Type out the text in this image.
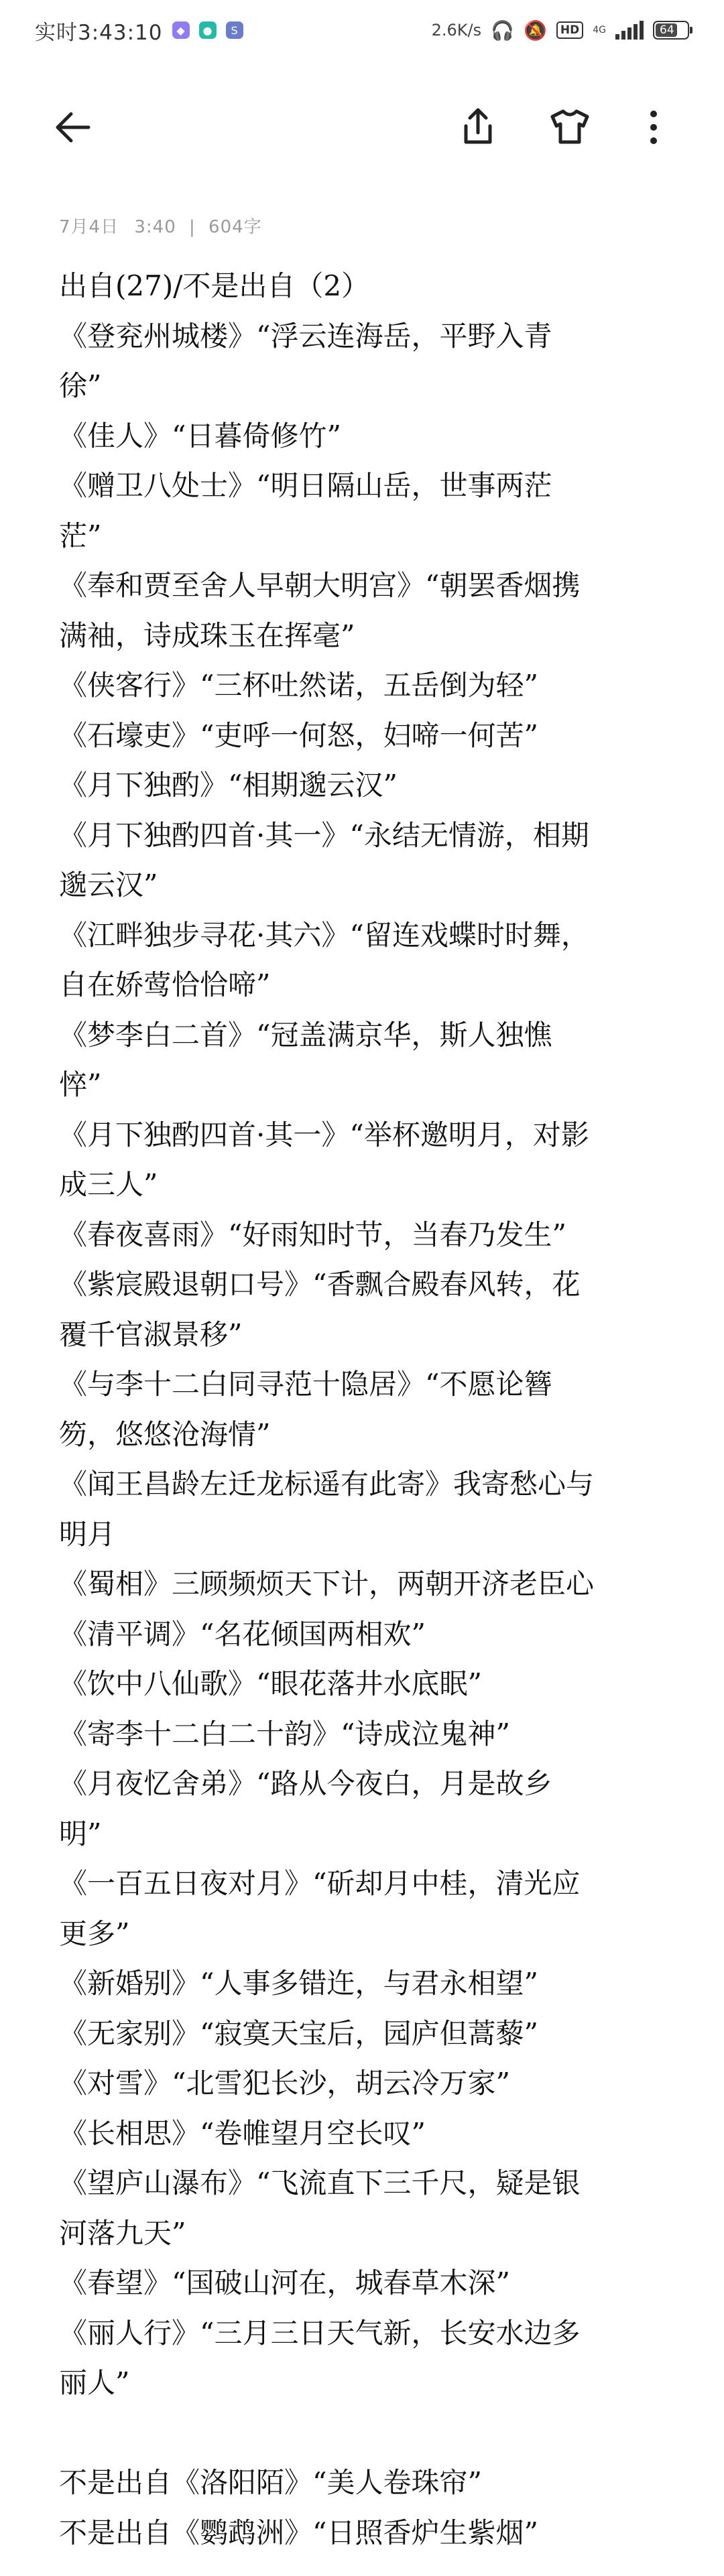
实时3:43:10	◆	●	S	2.6K/s 🎧 🔕	HD	4G	64
7月4日 3:40 | 604字
出自(27)/不是出自（2）
《登兖州城楼》“浮云连海岳，平野入青
徐”
《佳人》“日暮倚修竹”
《赠卫八处士》“明日隔山岳，世事两茫
茫”
《奉和贾至舍人早朝大明宫》“朝罢香烟携
满袖，诗成珠玉在挥毫”
《侠客行》“三杯吐然诺，五岳倒为轻”
《石壕吏》“吏呼一何怒，妇啼一何苦”
《月下独酌》“相期邈云汉”
《月下独酌四首·其一》“永结无情游，相期
邈云汉”
《江畔独步寻花·其六》“留连戏蝶时时舞，
自在娇莺恰恰啼”
《梦李白二首》“冠盖满京华，斯人独憔
悴”
《月下独酌四首·其一》“举杯邀明月，对影
成三人”
《春夜喜雨》“好雨知时节，当春乃发生”
《紫宸殿退朝口号》“香飘合殿春风转，花
覆千官淑景移”
《与李十二白同寻范十隐居》“不愿论簪
笏，悠悠沧海情”
《闻王昌龄左迁龙标遥有此寄》我寄愁心与
明月
《蜀相》三顾频烦天下计，两朝开济老臣心
《清平调》“名花倾国两相欢”
《饮中八仙歌》“眼花落井水底眠”
《寄李十二白二十韵》“诗成泣鬼神”
《月夜忆舍弟》“路从今夜白，月是故乡
明”
《一百五日夜对月》“斫却月中桂，清光应
更多”
《新婚别》“人事多错迕，与君永相望”
《无家别》“寂寞天宝后，园庐但蒿藜”
《对雪》“北雪犯长沙，胡云冷万家”
《长相思》“卷帷望月空长叹”
《望庐山瀑布》“飞流直下三千尺，疑是银
河落九天”
《春望》“国破山河在，城春草木深”
《丽人行》“三月三日天气新，长安水边多
丽人”
不是出自《洛阳陌》“美人卷珠帘”
不是出自《鹦鹉洲》“日照香炉生紫烟”
